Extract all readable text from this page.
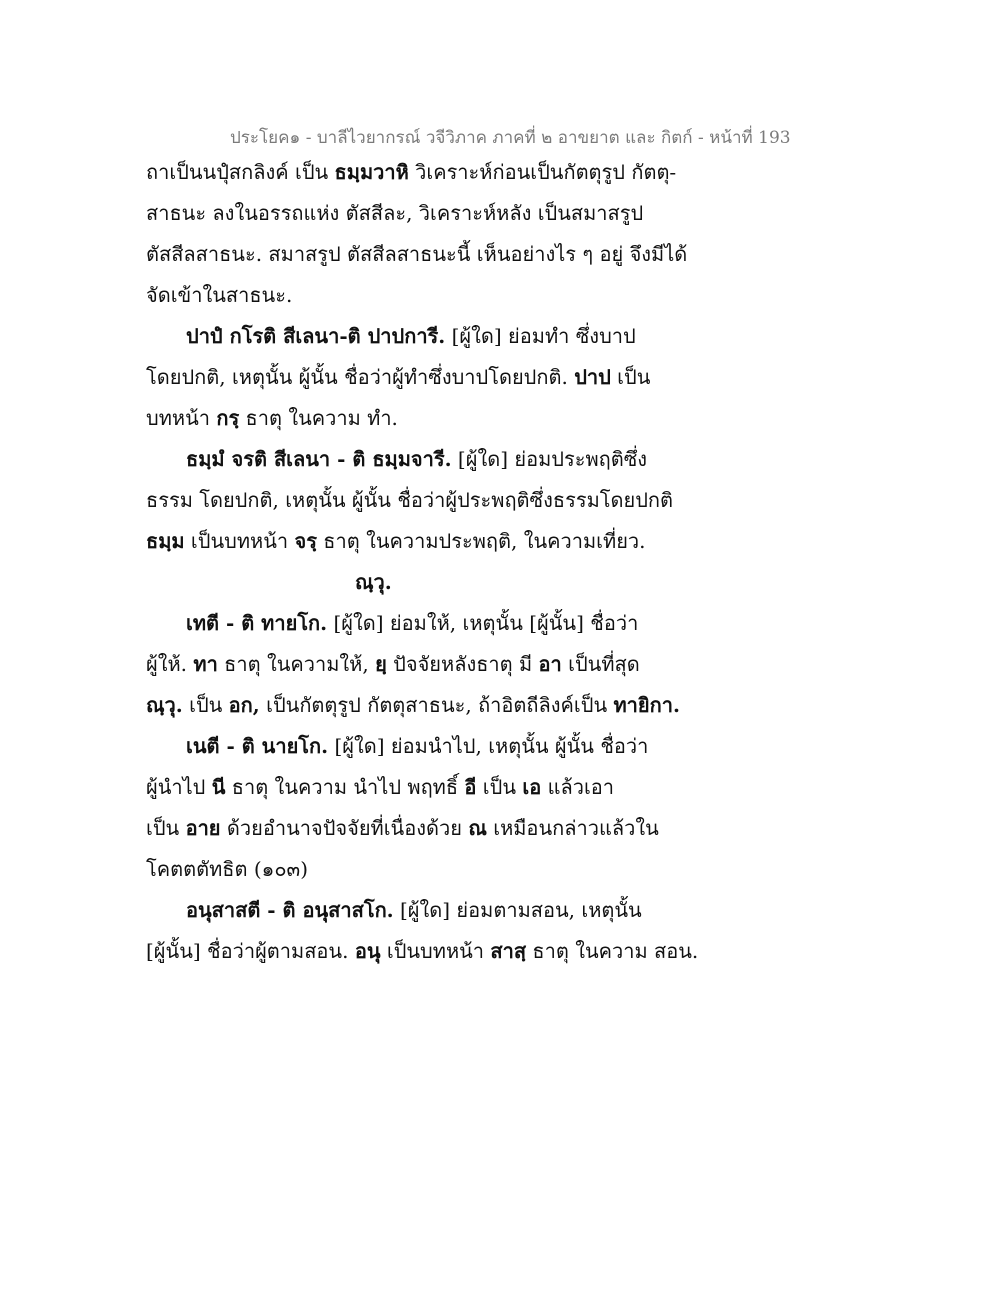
ประโยค๑ - บาลีไวยากรณ์ วจีวิภาค ภาคที่ ๒ อาขยาต และ กิตก์ - หน้าที่ 193
ถาเป็นนปุํสกลิงค์ เป็น ธมฺมวาหิ วิเคราะห์ก่อนเป็นกัตตุรูป กัตตุ-
สาธนะ ลงในอรรถแห่ง ตัสสีละ, วิเคราะห์หลัง เป็นสมาสรูป
ตัสสีลสาธนะ. สมาสรูป ตัสสีลสาธนะนี้ เห็นอย่างไร ๆ อยู่ จึงมีได้
จัดเข้าในสาธนะ.
ปาปํ กโรติ สีเลนา-ติ ปาปการี. [ผู้ใด] ย่อมทำ ซึ่งบาป
โดยปกติ, เหตุนั้น ผู้นั้น ชื่อว่าผู้ทำซึ่งบาปโดยปกติ. ปาป เป็น
บทหน้า กรฺ ธาตุ ในความ ทำ.
ธมฺมํ จรติ สีเลนา - ติ ธมฺมจารี. [ผู้ใด] ย่อมประพฤติซึ่ง
ธรรม โดยปกติ, เหตุนั้น ผู้นั้น ชื่อว่าผู้ประพฤติซึ่งธรรมโดยปกติ
ธมฺม เป็นบทหน้า จรฺ ธาตุ ในความประพฤติ, ในความเที่ยว.
ณฺวุ.
เทตี - ติ ทายโก. [ผู้ใด] ย่อมให้, เหตุนั้น [ผู้นั้น] ชื่อว่า
ผู้ให้. ทา ธาตุ ในความให้, ยฺ ปัจจัยหลังธาตุ มี อา เป็นที่สุด
ณฺวุ. เป็น อก, เป็นกัตตุรูป กัตตุสาธนะ, ถ้าอิตถีลิงค์เป็น ทายิกา.
เนตี - ติ นายโก. [ผู้ใด] ย่อมนำไป, เหตุนั้น ผู้นั้น ชื่อว่า
ผู้นำไป นี ธาตุ ในความ นำไป พฤทธิ์ อี เป็น เอ แล้วเอา
เป็น อาย ด้วยอำนาจปัจจัยที่เนื่องด้วย ณ เหมือนกล่าวแล้วใน
โคตตตัทธิต (๑๐๓)
อนุสาสตี - ติ อนุสาสโก. [ผู้ใด] ย่อมตามสอน, เหตุนั้น
[ผู้นั้น] ชื่อว่าผู้ตามสอน. อนุ เป็นบทหน้า สาสฺ ธาตุ ในความ สอน.
